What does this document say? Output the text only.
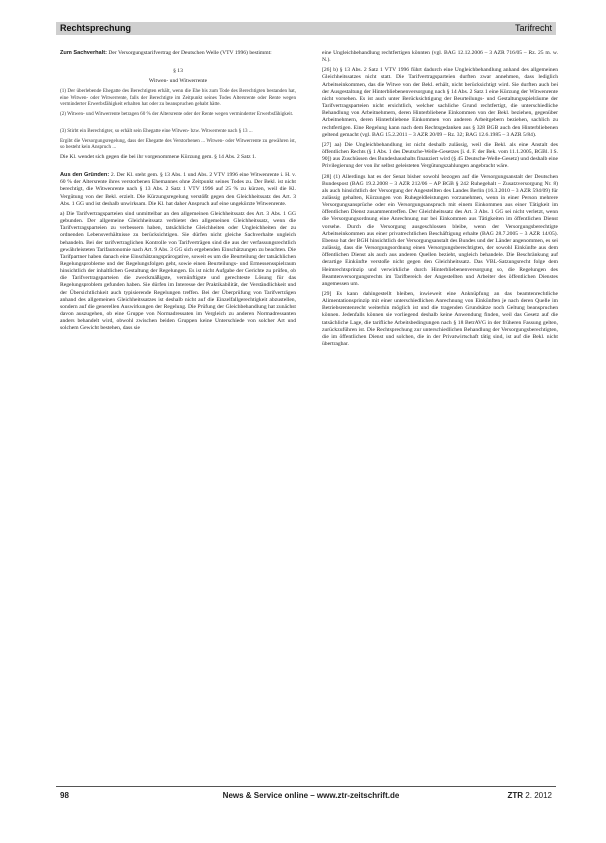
Rechtsprechung	Tarifrecht

Zum Sachverhalt: Der Versorgungstarifvertrag der Deutschen Welle (VTV 1996) bestimmt:

§ 13

Witwen- und Witwerrente

(1) Der überlebende Ehegatte des Berechtigten erhält, wenn die Ehe bis zum Tode des Berechtigten bestanden hat, eine Witwen- oder Witwerrente, falls der Berechtigte im Zeitpunkt seines Todes Altersrente oder Rente wegen verminderter Erwerbsfähigkeit erhalten hat oder zu beanspruchen gehabt hätte.

(2) Witwen- und Witwerrente betragen 60 % der Altersrente oder der Rente wegen verminderter Erwerbsfähigkeit.

(3) Stirbt ein Berechtigter, so erhält sein Ehegatte eine Witwen- bzw. Witwerrente nach § 13 ...

Ergibt die Versorgungsregelung, dass der Ehegatte des Verstorbenen ... Witwen- oder Witwerrente zu gewähren ist, so besteht kein Anspruch ...

Die Kl. wendet sich gegen die bei ihr vorgenommene Kürzung gem. § 14 Abs. 2 Satz 1.

Aus den Gründen: 2. Der Kl. steht gem. § 13 Abs. 1 und Abs. 2 VTV 1996 eine Witwenrente i. H. v. 60 % der Altersrente ihres verstorbenen Ehemannes ohne Zeitpunkt seines Todes zu. Der Bekl. ist nicht berechtigt, die Witwenrente nach § 13 Abs. 2 Satz 1 VTV 1996 auf 25 % zu kürzen, weil die Kl. Vergütung von der Bekl. erzielt. Die Kürzungsregelung verstößt gegen den Gleichheitssatz des Art. 3 Abs. 1 GG und ist deshalb unwirksam. Die Kl. hat daher Anspruch auf eine ungekürzte Witwenrente.

a) Die Tarifvertragsparteien sind unmittelbar an den allgemeinen Gleichheitssatz des Art. 3 Abs. 1 GG gebunden. Der allgemeine Gleichheitssatz verbietet den allgemeinen Gleichheitssatz, wenn die Tarifvertragsparteien zu verbessern haben, tatsächliche Gleichheiten oder Ungleichheiten der zu ordnenden Lebensverhältnisse zu berücksichtigen. Sie dürfen nicht gleiche Sachverhalte ungleich behandeln. Bei der tarifvertraglichen Kontrolle von Tarifverträgen sind die aus der verfassungsrechtlich gewährleisteten Tarifautonomie nach Art. 9 Abs. 3 GG sich ergebenden Einschätzungen zu beachten. Die Tarifpartner haben danach eine Einschätzungsprärogative, soweit es um die Beurteilung der tatsächlichen Regelungsprobleme und der Regelungsfolgen geht, sowie einen Beurteilungs- und Ermessensspielraum hinsichtlich der inhaltlichen Gestaltung der Regelungen. Es ist nicht Aufgabe der Gerichte zu prüfen, ob die Tarifvertragsparteien die zweckmäßigste, vernünftigste und gerechteste Lösung für das Regelungsproblem gefunden haben. Sie dürfen im Interesse der Praktikabilität, der Verständlichkeit und der Übersichtlichkeit auch typisierende Regelungen treffen. Bei der Überprüfung von Tarifverträgen anhand des allgemeinen Gleichheitssatzes ist deshalb nicht auf die Einzelfallgerechtigkeit abzustellen, sondern auf die generellen Auswirkungen der Regelung. Die Prüfung der Gleichbehandlung hat zunächst davon auszugehen, ob eine Gruppe von Normadressaten im Vergleich zu anderen Normadressanten anders behandelt wird, obwohl zwischen beiden Gruppen keine Unterschiede von solcher Art und solchem Gewicht bestehen, dass sie

eine Ungleichbehandlung rechtfertigen könnten (vgl. BAG 12.12.2006 – 3 AZR 716/05 – Rz. 25 m. w. N.).

[26] b) § 13 Abs. 2 Satz 1 VTV 1996 führt dadurch eine Ungleichbehandlung anhand des allgemeinen Gleichheitssatzes nicht statt. Die Tarifvertragsparteien durften zwar annehmen, dass lediglich Arbeitseinkommen, das die Witwe von der Bekl. erhält, nicht berücksichtigt wird. Sie durften auch bei der Ausgestaltung der Hinterbliebenenversorgung nach § 14 Abs. 2 Satz 1 eine Kürzung der Witwenrente nicht vorsehen. Es ist auch unter Berücksichtigung der Beurteilungs- und Gestaltungsspielräume der Tarifvertragsparteien nicht ersichtlich, welcher sachliche Grund rechtfertigt, die unterschiedliche Behandlung von Arbeitnehmern, deren Hinterbliebene Einkommen von der Bekl. beziehen, gegenüber Arbeitnehmern, deren Hinterbliebene Einkommen von anderen Arbeitgebern beziehen, sachlich zu rechtfertigen. Eine Regelung kann nach dem Rechtsgedanken aus § 328 BGB auch den Hinterbliebenen geltend gemacht (vgl. BAG 15.2.2011 – 3 AZR 20/09 – Rz. 32; BAG 12.6.1985 – 3 AZR 5/84).

[27] aa) Die Ungleichbehandlung ist nicht deshalb zulässig, weil die Bekl. als eine Anstalt des öffentlichen Rechts (§ 1 Abs. 1 des Deutsche-Welle-Gesetzes [i. d. F. der Bek. vom 11.1.2005, BGBl. I S. 90]) aus Zuschüssen des Bundeshaushalts finanziert wird (§ 45 Deutsche-Welle-Gesetz) und deshalb eine Privilegierung der von ihr selbst geleisteten Vergütungszahlungen angebracht wäre.

[28] (1) Allerdings hat es der Senat bisher sowohl bezogen auf die Versorgungsanstalt der Deutschen Bundespost (BAG 19.2.2008 – 3 AZR 212/06 – AP BGB § 242 Ruhegehalt – Zusatzversorgung Nr. 8) als auch hinsichtlich der Versorgung der Angestellten des Landes Berlin (16.3.2010 – 3 AZR 594/09) für zulässig gehalten, Kürzungen von Ruhegeldleistungen vorzunehmen, wenn in einer Person mehrere Versorgungsansprüche oder ein Versorgungsanspruch mit einem Einkommen aus einer Tätigkeit im öffentlichen Dienst zusammentreffen. Der Gleichheitssatz des Art. 3 Abs. 1 GG sei nicht verletzt, wenn die Versorgungsordnung eine Anrechnung nur bei Einkommen aus Tätigkeiten im öffentlichen Dienst vorsehe. Durch die Versorgung ausgeschlossen bleibe, wenn der Versorgungsberechtigte Arbeitseinkommen aus einer privatrechtlichen Beschäftigung erhalte (BAG 28.7.2005 – 3 AZR 14/05). Ebenso hat der BGH hinsichtlich der Versorgungsanstalt des Bundes und der Länder angenommen, es sei zulässig, dass die Versorgungsordnung einen Versorgungsberechtigten, der sowohl Einkünfte aus dem öffentlichen Dienst als auch aus anderen Quellen bezieht, ungleich behandele. Die Beschränkung auf derartige Einkünfte verstoße nicht gegen den Gleichheitssatz. Das VBL-Satzungsrecht folge dem Heimrechtsprinzip und verwirkliche durch Hinterbliebenenversorgung so, die Regelungen des Beamtenversorgungsrechts im Tarifbereich der Angestellten und Arbeiter des öffentlichen Dienstes angemessen um.

[29] Es kann dahingestellt bleiben, inwieweit eine Anknüpfung an das beamtenrechtliche Alimentationsprinzip mit einer unterschiedlichen Anrechnung von Einkünften je nach deren Quelle im Betriebsrentenrecht weiterhin möglich ist und die tragenden Grundsätze noch Geltung beanspruchen können. Jedenfalls können sie vorliegend deshalb keine Anwendung finden, weil das Gesetz auf die tatsächliche Lage, die tarifliche Arbeitsbedingungen nach § 18 BetrAVG in der früheren Fassung gelten, zurückzuführen ist. Die Rechtsprechung zur unterschiedlichen Behandlung der Versorgungsberechtigten, die im öffentlichen Dienst und solchen, die in der Privatwirtschaft tätig sind, ist auf die Bekl. nicht übertragbar.

98	News & Service online – www.ztr-zeitschrift.de	ZTR 2. 2012
